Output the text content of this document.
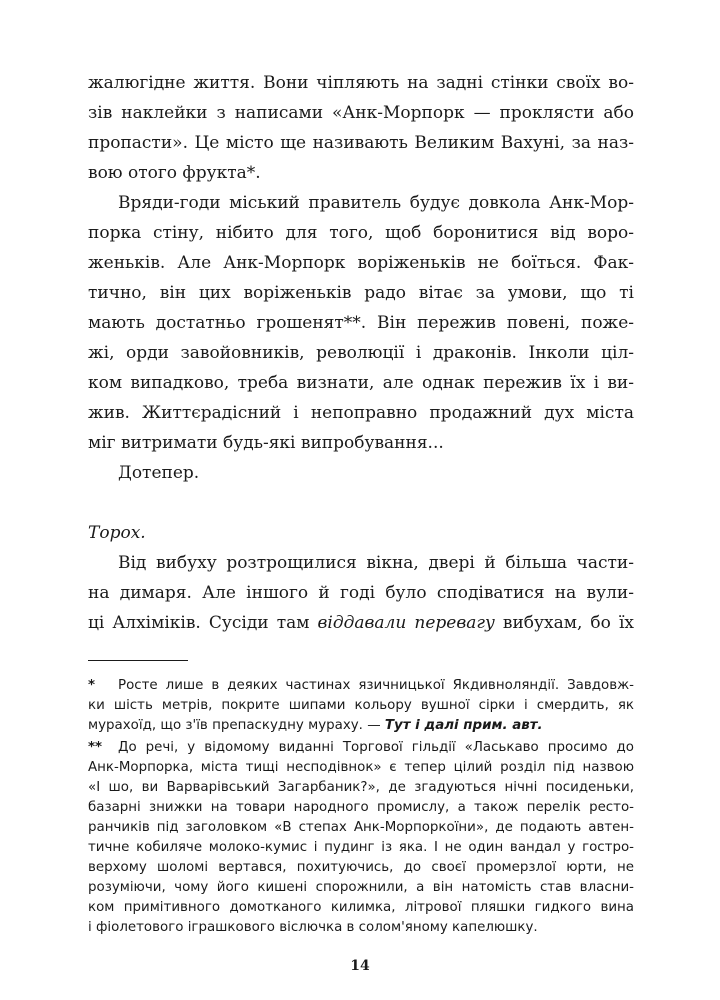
жалюгідне життя. Вони чіпляють на задні стінки своїх во-
зів наклейки з написами «Анк-Морпорк — проклясти або
пропасти». Це місто ще називають Великим Вахуні, за наз-
вою отого фрукта*.
Вряди-годи міський правитель будує довкола Анк-Мор-
порка стіну, нібито для того, щоб боронитися від воро-
женьків. Але Анк-Морпорк воріженьків не боїться. Фак-
тично, він цих воріженьків радо вітає за умови, що ті
мають достатньо грошенят**. Він пережив повені, поже-
жі, орди завойовників, революції і драконів. Інколи ціл-
ком випадково, треба визнати, але однак пережив їх і ви-
жив. Життєрадісний і непоправно продажний дух міста
міг витримати будь-які випробування...
Дотепер.
Торох.
Від вибуху розтрощилися вікна, двері й більша части-
на димаря. Але іншого й годі було сподіватися на вули-
ці Алхіміків. Сусіди там віддавали перевагу вибухам, бо їх
* Росте лише в деяких частинах язичницької Якдивноляндії. Завдовж-
ки шість метрів, покрите шипами кольору вушної сірки і смердить, як
мурахоїд, що з'їв препаскудну мураху. — Тут і далі прим. авт.
** До речі, у відомому виданні Торгової гільдії «Ласькаво просимо до
Анк-Морпорка, міста тищі несподівнок» є тепер цілий розділ під назвою
«І шо, ви Варварівський Загарбаник?», де згадуються нічні посиденьки,
базарні знижки на товари народного промислу, а також перелік ресто-
ранчиків під заголовком «В степах Анк-Морпоркоїни», де подають автен-
тичне кобиляче молоко-кумис і пудинг із яка. І не один вандал у гостро-
верхому шоломі вертався, похитуючись, до своєї промерзлої юрти, не
розуміючи, чому його кишені спорожнили, а він натомість став власни-
ком примітивного домотканого килимка, літрової пляшки гидкого вина
і фіолетового іграшкового віслючка в солом'яному капелюшку.
14
